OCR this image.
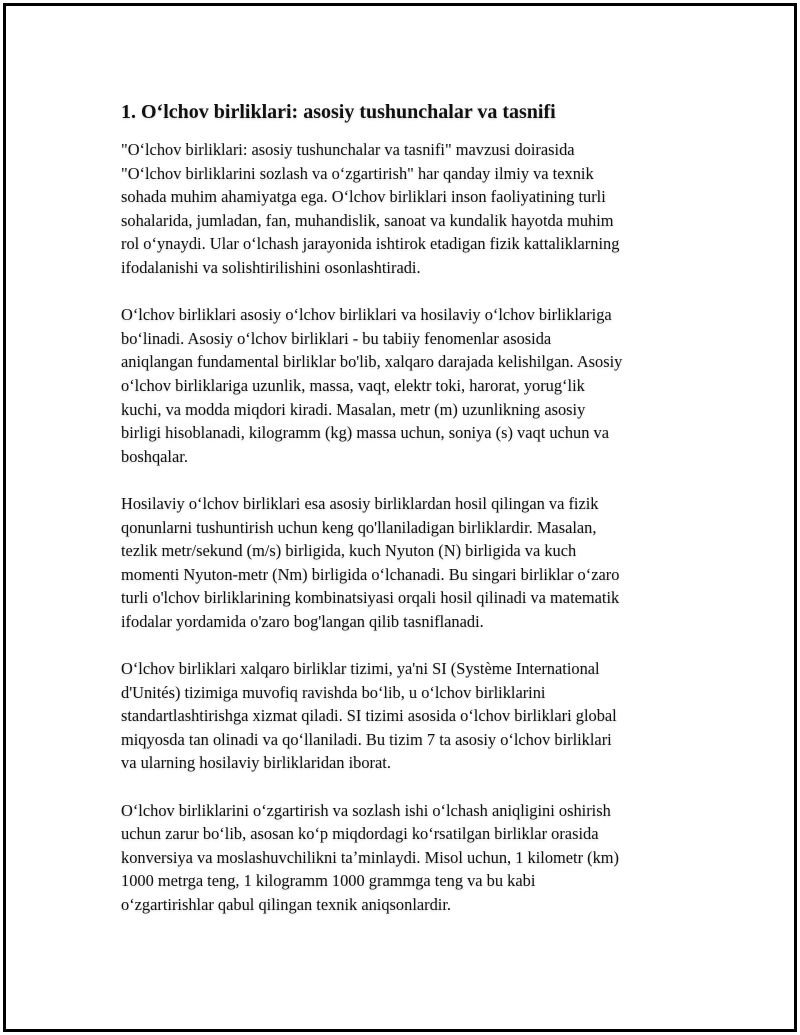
1. Oʻlchov birliklari: asosiy tushunchalar va tasnifi
"Oʻlchov birliklari: asosiy tushunchalar va tasnifi" mavzusi doirasida
"Oʻlchov birliklarini sozlash va oʻzgartirish" har qanday ilmiy va texnik
sohada muhim ahamiyatga ega. Oʻlchov birliklari inson faoliyatining turli
sohalarida, jumladan, fan, muhandislik, sanoat va kundalik hayotda muhim
rol oʻynaydi. Ular oʻlchash jarayonida ishtirok etadigan fizik kattaliklarning
ifodalanishi va solishtirilishini osonlashtiradi.
Oʻlchov birliklari asosiy oʻlchov birliklari va hosilaviy oʻlchov birliklariga
boʻlinadi. Asosiy oʻlchov birliklari - bu tabiiy fenomenlar asosida
aniqlangan fundamental birliklar bo'lib, xalqaro darajada kelishilgan. Asosiy
oʻlchov birliklariga uzunlik, massa, vaqt, elektr toki, harorat, yorugʻlik
kuchi, va modda miqdori kiradi. Masalan, metr (m) uzunlikning asosiy
birligi hisoblanadi, kilogramm (kg) massa uchun, soniya (s) vaqt uchun va
boshqalar.
Hosilaviy oʻlchov birliklari esa asosiy birliklardan hosil qilingan va fizik
qonunlarni tushuntirish uchun keng qo'llaniladigan birliklardir. Masalan,
tezlik metr/sekund (m/s) birligida, kuch Nyuton (N) birligida va kuch
momenti Nyuton-metr (Nm) birligida oʻlchanadi. Bu singari birliklar oʻzaro
turli o'lchov birliklarining kombinatsiyasi orqali hosil qilinadi va matematik
ifodalar yordamida o'zaro bog'langan qilib tasniflanadi.
Oʻlchov birliklari xalqaro birliklar tizimi, ya'ni SI (Système International
d'Unités) tizimiga muvofiq ravishda boʻlib, u oʻlchov birliklarini
standartlashtirishga xizmat qiladi. SI tizimi asosida oʻlchov birliklari global
miqyosda tan olinadi va qoʻllaniladi. Bu tizim 7 ta asosiy oʻlchov birliklari
va ularning hosilaviy birliklaridan iborat.
Oʻlchov birliklarini oʻzgartirish va sozlash ishi oʻlchash aniqligini oshirish
uchun zarur boʻlib, asosan koʻp miqdordagi koʻrsatilgan birliklar orasida
konversiya va moslashuvchilikni taʼminlaydi. Misol uchun, 1 kilometr (km)
1000 metrga teng, 1 kilogramm 1000 grammga teng va bu kabi
oʻzgartirishlar qabul qilingan texnik aniqsonlardir.
